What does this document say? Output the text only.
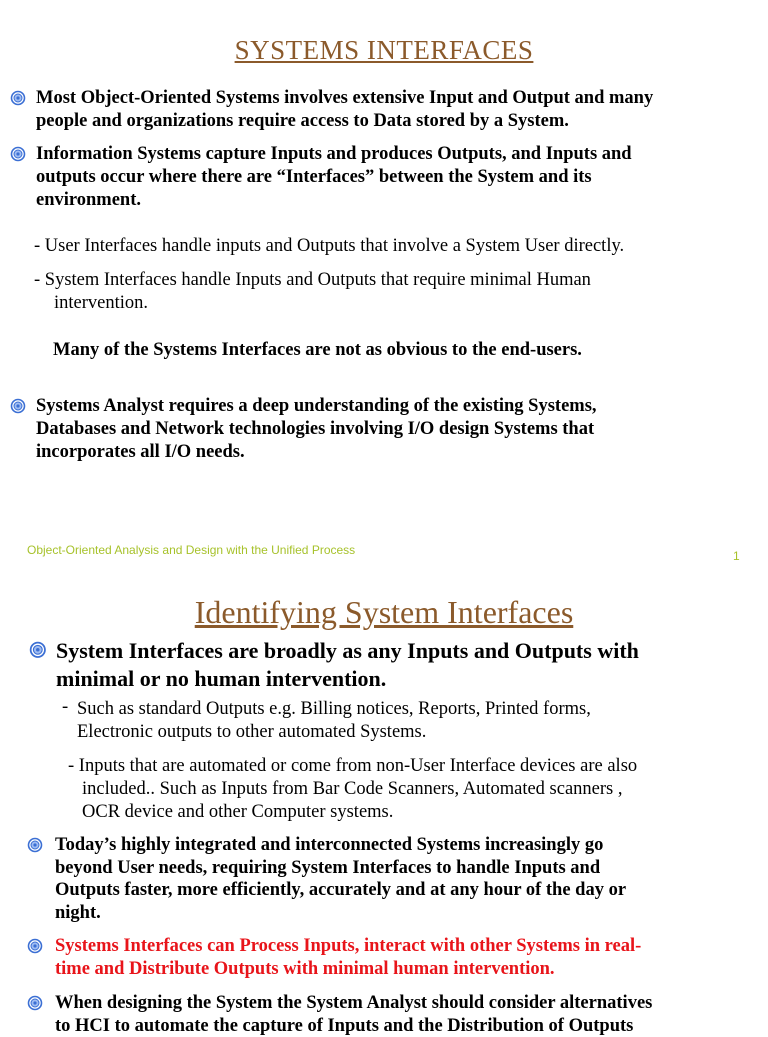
SYSTEMS INTERFACES
Most Object-Oriented Systems involves extensive Input and Output and many
people and organizations require access to Data stored by a System.
Information Systems capture Inputs and produces Outputs, and Inputs and
outputs occur where there are “Interfaces” between the System and its
environment.
- User Interfaces handle inputs and Outputs that involve a System User directly.
- System Interfaces handle Inputs and Outputs that require minimal Human
intervention.
Many of the Systems Interfaces are not as obvious to the end-users.
Systems Analyst requires a deep understanding of the existing Systems,
Databases and Network technologies involving I/O design Systems that
incorporates all I/O needs.
Object-Oriented Analysis and Design with the Unified Process	1
Identifying System Interfaces
System Interfaces are broadly as any Inputs and Outputs with
minimal or no human intervention.
- Such as standard Outputs e.g. Billing notices, Reports, Printed forms,
Electronic outputs to other automated Systems.
- Inputs that are automated or come from non-User Interface devices are also
included.. Such as Inputs from Bar Code Scanners, Automated scanners ,
OCR device and other Computer systems.
Today’s highly integrated and interconnected Systems increasingly go
beyond User needs, requiring System Interfaces to handle Inputs and
Outputs faster, more efficiently, accurately and at any hour of the day or
night.
Systems Interfaces can Process Inputs, interact with other Systems in real-
time and Distribute Outputs with minimal human intervention.
When designing the System the System Analyst should consider alternatives
to HCI to automate the capture of Inputs and the Distribution of Outputs
